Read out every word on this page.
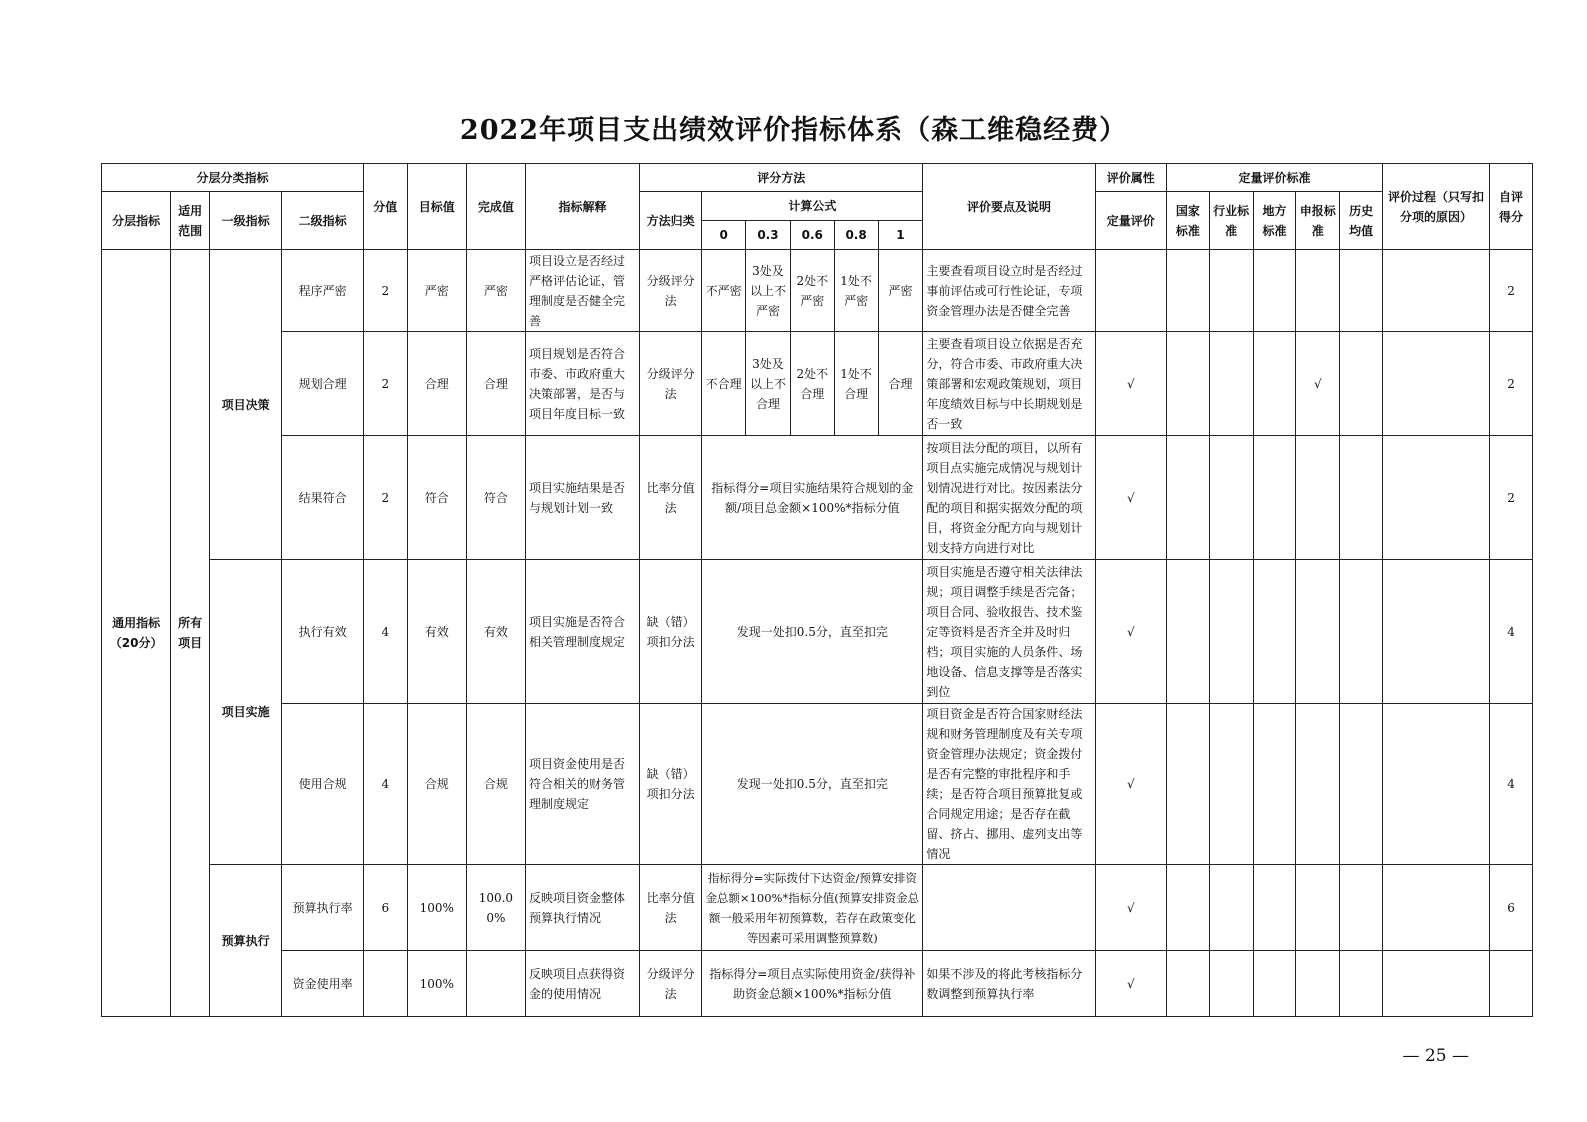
2022年项目支出绩效评价指标体系（森工维稳经费）
分层分类指标				分值	目标值	完成值	指标解释	评分方法						评价要点及说明	评价属性	定量评价标准					评价过程（只写扣分项的原因）	自评得分
分层指标	适用范围	一级指标	二级指标					方法归类	计算公式						定量评价	国家标准	行业标准	地方标准	申报标准	历史均值		
									0	0.3	0.6	0.8	1									
通用指标（20分）	所有项目	项目决策	程序严密	2	严密	严密	项目设立是否经过严格评估论证，管理制度是否健全完善	分级评分法	不严密	3处及以上不严密	2处不严密	1处不严密	严密	主要查看项目设立时是否经过事前评估或可行性论证，专项资金管理办法是否健全完善								2
			规划合理	2	合理	合理	项目规划是否符合市委、市政府重大决策部署，是否与项目年度目标一致	分级评分法	不合理	3处及以上不合理	2处不合理	1处不合理	合理	主要查看项目设立依据是否充分，符合市委、市政府重大决策部署和宏观政策规划，项目年度绩效目标与中长期规划是否一致	√				√			2
			结果符合	2	符合	符合	项目实施结果是否与规划计划一致	比率分值法	指标得分=项目实施结果符合规划的金额/项目总金额×100%*指标分值					按项目法分配的项目，以所有项目点实施完成情况与规划计划情况进行对比。按因素法分配的项目和据实据效分配的项目，将资金分配方向与规划计划支持方向进行对比	√							2
		项目实施	执行有效	4	有效	有效	项目实施是否符合相关管理制度规定	缺（错）项扣分法	发现一处扣0.5分，直至扣完					项目实施是否遵守相关法律法规；项目调整手续是否完备；项目合同、验收报告、技术鉴定等资料是否齐全并及时归档；项目实施的人员条件、场地设备、信息支撑等是否落实到位	√							4
			使用合规	4	合规	合规	项目资金使用是否符合相关的财务管理制度规定	缺（错）项扣分法	发现一处扣0.5分，直至扣完					项目资金是否符合国家财经法规和财务管理制度及有关专项资金管理办法规定；资金拨付是否有完整的审批程序和手续；是否符合项目预算批复或合同规定用途；是否存在截留、挤占、挪用、虚列支出等情况	√							4
		预算执行	预算执行率	6	100%	100.00%	反映项目资金整体预算执行情况	比率分值法	指标得分=实际拨付下达资金/预算安排资金总额×100%*指标分值(预算安排资金总额一般采用年初预算数，若存在政策变化等因素可采用调整预算数)						√							6
			资金使用率		100%		反映项目点获得资金的使用情况	分级评分法	指标得分=项目点实际使用资金/获得补助资金总额×100%*指标分值					如果不涉及的将此考核指标分数调整到预算执行率	√							
— 25 —
